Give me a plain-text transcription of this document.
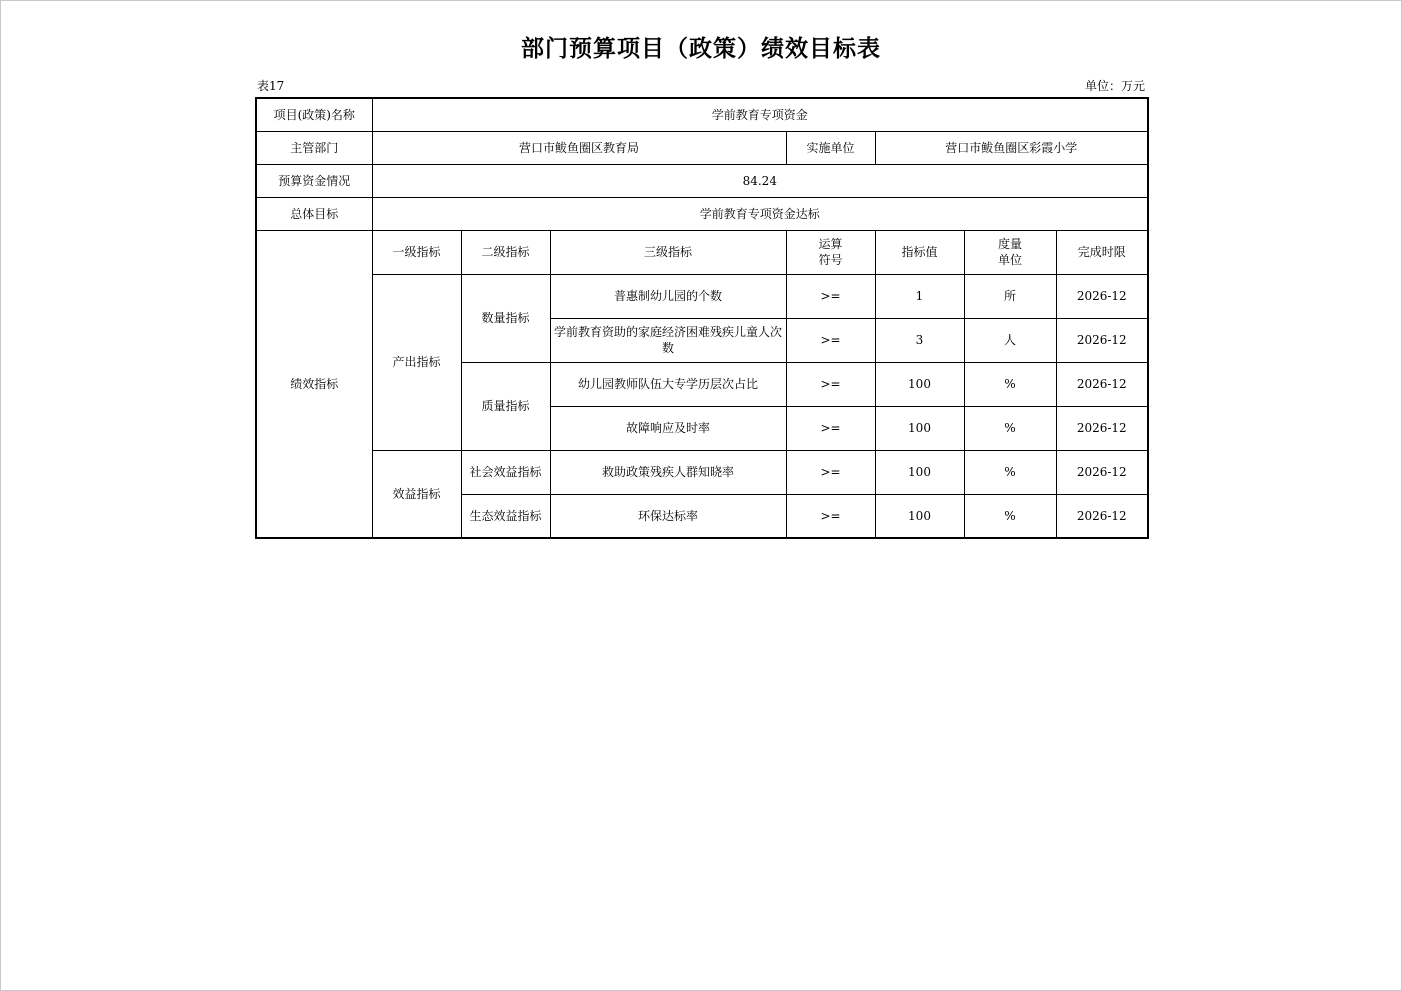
部门预算项目（政策）绩效目标表
表17	单位：万元
项目(政策)名称	学前教育专项资金						
主管部门	营口市鲅鱼圈区教育局			实施单位	营口市鲅鱼圈区彩霞小学		
预算资金情况	84.24						
总体目标	学前教育专项资金达标						
绩效指标	一级指标	二级指标	三级指标	运算符号	指标值	度量单位	完成时限
	产出指标	数量指标	普惠制幼儿园的个数	>=	1	所	2026-12
			学前教育资助的家庭经济困难残疾儿童人次数	>=	3	人	2026-12
		质量指标	幼儿园教师队伍大专学历层次占比	>=	100	%	2026-12
			故障响应及时率	>=	100	%	2026-12
	效益指标	社会效益指标	救助政策残疾人群知晓率	>=	100	%	2026-12
		生态效益指标	环保达标率	>=	100	%	2026-12
